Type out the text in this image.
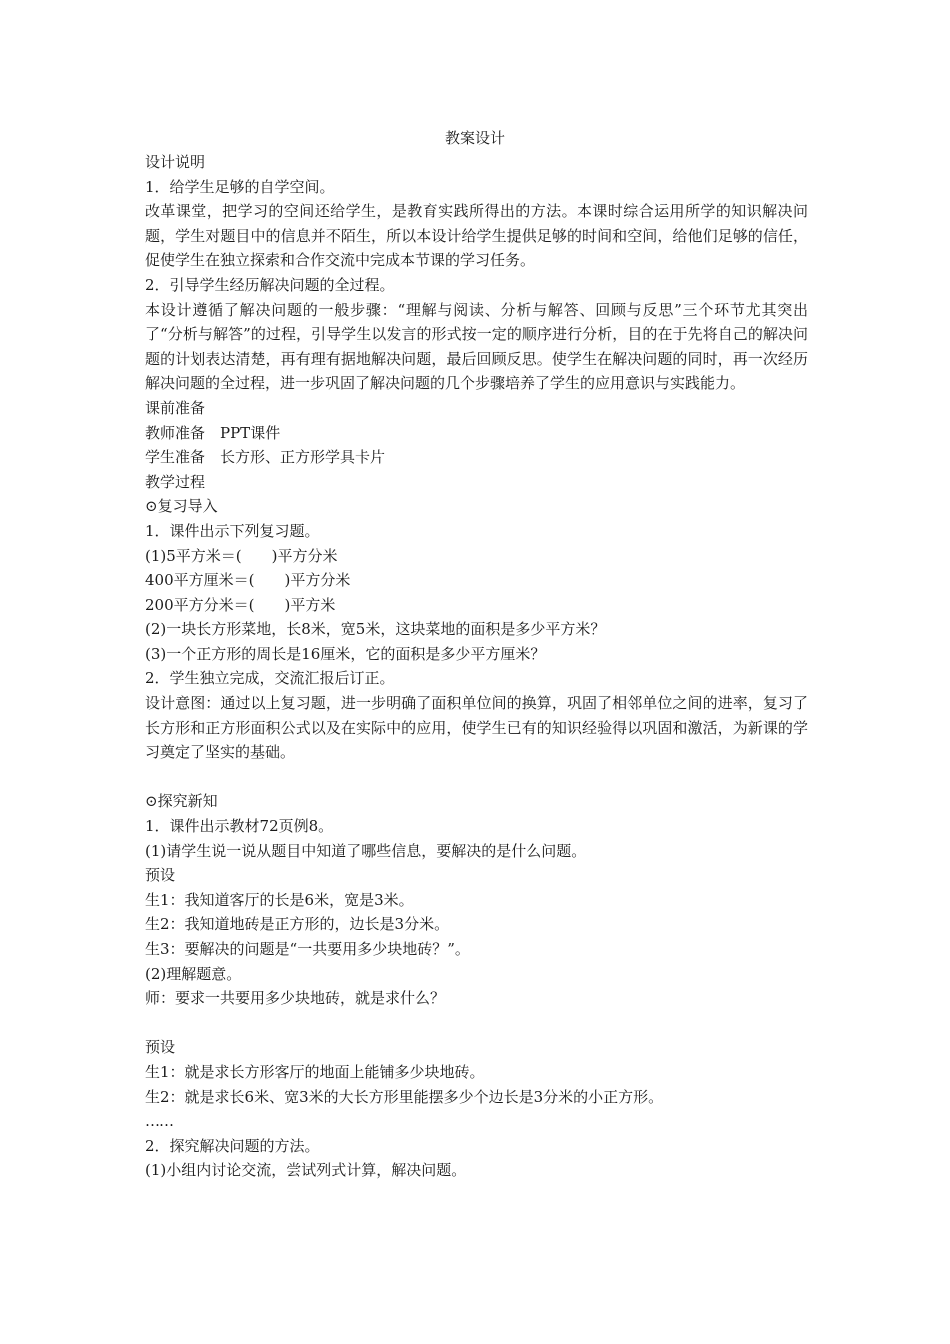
教案设计

设计说明

1．给学生足够的自学空间。

改革课堂，把学习的空间还给学生，是教育实践所得出的方法。本课时综合运用所学的知识解决问题，学生对题目中的信息并不陌生，所以本设计给学生提供足够的时间和空间，给他们足够的信任，促使学生在独立探索和合作交流中完成本节课的学习任务。

2．引导学生经历解决问题的全过程。

本设计遵循了解决问题的一般步骤：“理解与阅读、分析与解答、回顾与反思”三个环节尤其突出了“分析与解答”的过程，引导学生以发言的形式按一定的顺序进行分析，目的在于先将自己的解决问题的计划表达清楚，再有理有据地解决问题，最后回顾反思。使学生在解决问题的同时，再一次经历解决问题的全过程，进一步巩固了解决问题的几个步骤培养了学生的应用意识与实践能力。

课前准备

教师准备　PPT课件

学生准备　长方形、正方形学具卡片

教学过程

⊙复习导入

1．课件出示下列复习题。

(1)5平方米＝(　　)平方分米

400平方厘米＝(　　)平方分米

200平方分米＝(　　)平方米

(2)一块长方形菜地，长8米，宽5米，这块菜地的面积是多少平方米？

(3)一个正方形的周长是16厘米，它的面积是多少平方厘米？

2．学生独立完成，交流汇报后订正。

设计意图：通过以上复习题，进一步明确了面积单位间的换算，巩固了相邻单位之间的进率，复习了长方形和正方形面积公式以及在实际中的应用，使学生已有的知识经验得以巩固和激活，为新课的学习奠定了坚实的基础。

⊙探究新知

1．课件出示教材72页例8。

(1)请学生说一说从题目中知道了哪些信息，要解决的是什么问题。

预设

生1：我知道客厅的长是6米，宽是3米。

生2：我知道地砖是正方形的，边长是3分米。

生3：要解决的问题是“一共要用多少块地砖？”。

(2)理解题意。

师：要求一共要用多少块地砖，就是求什么？

预设

生1：就是求长方形客厅的地面上能铺多少块地砖。

生2：就是求长6米、宽3米的大长方形里能摆多少个边长是3分米的小正方形。

……

2．探究解决问题的方法。

(1)小组内讨论交流，尝试列式计算，解决问题。
